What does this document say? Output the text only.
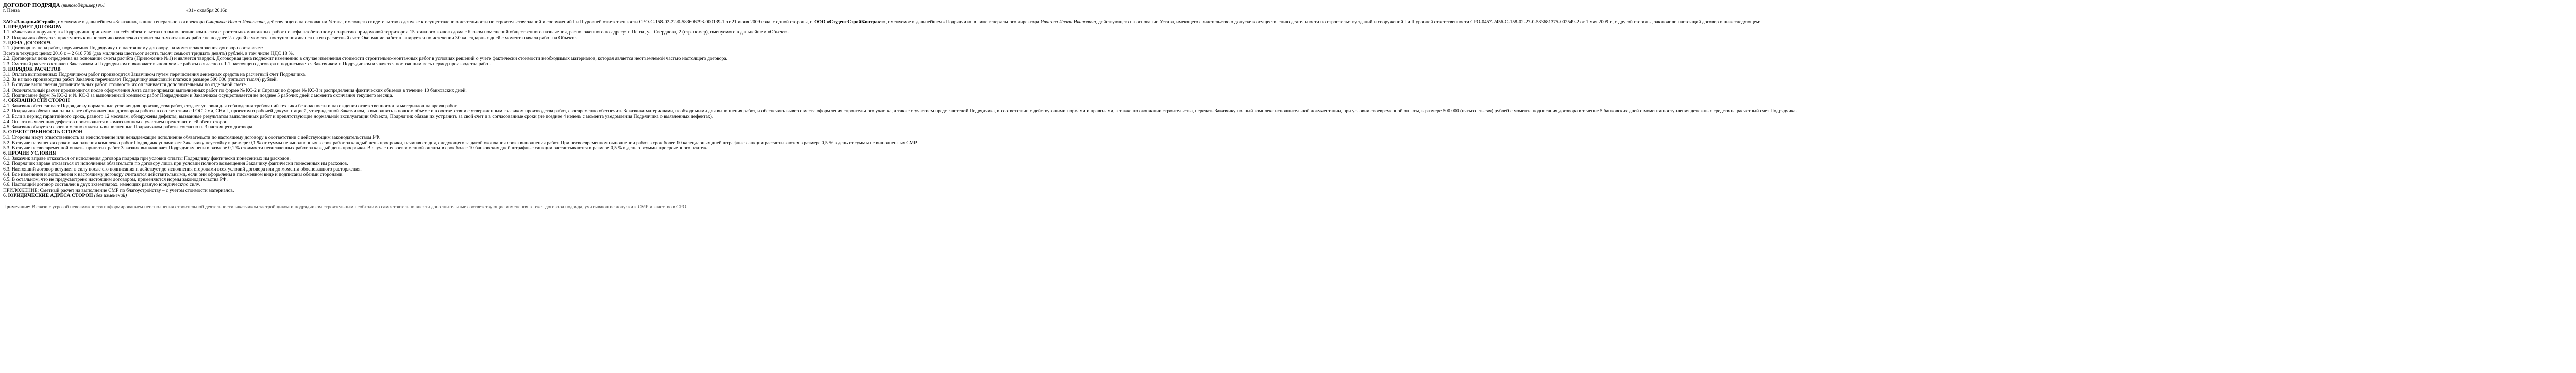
ДОГОВОР ПОДРЯДА (типовой/пример) №1
г. Пенза	«01» октября 2016г.
ЗАО «ЗападныйСтрой», именуемое в дальнейшем «Заказчик», в лице генерального директора Смирнова Ивана Ивановича, действующего на основании Устава, имеющего свидетельство о допуске к осуществлению деятельности по строительству зданий и сооружений I и II уровней ответственности СРО-С-158-02-22-0-583606793-000139-1 от 21 июня 2009 года, с одной стороны, и ООО «СтудентСтройКонтракт», именуемое в дальнейшем «Подрядчик», в лице генерального директора Иванова Ивана Ивановича, действующего на основании Устава, имеющего свидетельство о допуске к осуществлению деятельности по строительству зданий и сооружений I и II уровней ответственности СРО-0457-2456-С-158-02-27-0-583681375-002549-2 от 1 мая 2009 г., с другой стороны, заключили настоящий договор о нижеследующем:
1. ПРЕДМЕТ ДОГОВОРА
1.1. «Заказчик» поручает, а «Подрядчик» принимает на себя обязательства по выполнению комплекса строительно-монтажных работ по асфальтобетонному покрытию придомовой территории 15 этажного жилого дома с блоком помещений общественного назначения, расположенного по адресу: г. Пенза, ул. Свердлова, 2 (стр. номер), именуемого в дальнейшем «Объект».
1.2. Подрядчик обязуется приступить к выполнению комплекса строительно-монтажных работ не позднее 2-х дней с момента поступления аванса на его расчетный счет. Окончание работ планируется по истечении 30 календарных дней с момента начала работ на Объекте.
2. ЦЕНА ДОГОВОРА
2.1. Договорная цена работ, поручаемых Подрядчику по настоящему договору, на момент заключения договора составляет:
Всего в текущих ценах 2016 г. – 2 610 739 (два миллиона шестьсот десять тысяч семьсот тридцать девять) рублей, в том числе НДС 18 %.
2.2. Договорная цена определена на основании сметы расчёта (Приложение №1) и является твердой. Договорная цена подлежит изменению в случае изменения стоимости строительно-монтажных работ в условиях решений о учете фактически стоимости необходимых материалов, которая является неотъемлемой частью настоящего договора.
2.3. Сметный расчет составлен Заказчиком и Подрядчиком и включает выполняемые работы согласно п. 1.1 настоящего договора и подписывается Заказчиком и Подрядчиком и является постоянным весь период производства работ.
3. ПОРЯДОК РАСЧЕТОВ
3.1. Оплата выполненных Подрядчиком работ производится Заказчиком путем перечисления денежных средств на расчетный счет Подрядчика.
3.2. За начало производства работ Заказчик перечисляет Подрядчику авансовый платеж в размере 500 000 (пятьсот тысяч) рублей.
3.3. В случае выполнения дополнительных работ, стоимость их оплачивается дополнительным по отдельной смете.
3.4. Окончательный расчет производится после оформления Акта сдачи-приемки выполненных работ по форме № КС-2 и Справки по форме № КС-3 и распределения фактических объемов в течение 10 банковских дней.
3.5. Подписание форм № КС-2 и № КС-3 за выполненный комплекс работ Подрядчиком и Заказчиком осуществляется не позднее 5 рабочих дней с момента окончания текущего месяца.
4. ОБЯЗАННОСТИ СТОРОН
4.1. Заказчик обеспечивает Подрядчику нормальные условия для производства работ, создает условия для соблюдения требований техники безопасности и нахождения ответственного для материалов на время работ.
4.2. Подрядчик обязан выполнить все обусловленные договором работы в соответствии с ГОСТами, СНиП, проектом и рабочей документацией, утвержденной Заказчиком, в выполнить в полном объеме и в соответствии с утвержденным графиком производства работ, своевременно обеспечить Заказчика материалами, необходимыми для выполнения работ, и обеспечить вывоз с места оформления строительного участка, а также с участием представителей Подрядчика, в соответствии с действующими нормами и правилами, а также по окончании строительства, передать Заказчику полный комплект исполнительной документации, при условии своевременной оплаты, в размере 500 000 (пятьсот тысяч) рублей с момента подписания договора в течение 5 банковских дней с момента поступления денежных средств на расчетный счет Подрядчика.
4.3. Если в период гарантийного срока, равного 12 месяцам, обнаружены дефекты, вызванные результатом выполненных работ и препятствующие нормальной эксплуатации Объекта, Подрядчик обязан их устранить за свой счет и в согласованные сроки (не позднее 4 недель с момента уведомления Подрядчика о выявленных дефектах).
4.4. Оплата выявленных дефектов производится в комиссионном с участием представителей обеих сторон.
4.5. Заказчик обязуется своевременно оплатить выполненные Подрядчиком работы согласно п. 3 настоящего договора.
5. ОТВЕТСТВЕННОСТЬ СТОРОН
5.1. Стороны несут ответственность за неисполнение или ненадлежащее исполнение обязательств по настоящему договору в соответствии с действующим законодательством РФ.
5.2. В случае нарушения сроков выполнения комплекса работ Подрядчик уплачивает Заказчику неустойку в размере 0,1 % от суммы невыполненных в срок работ за каждый день просрочки, начиная со дня, следующего за датой окончания срока выполнения работ. При несвоевременном выполнении работ в срок более 10 календарных дней штрафные санкции рассчитываются в размере 0,5 % в день от суммы не выполненных СМР.
5.3. В случае несвоевременной оплаты принятых работ Заказчик выплачивает Подрядчику пени в размере 0,1 % стоимости неоплаченных работ за каждый день просрочки. В случае несвоевременной оплаты в срок более 10 банковских дней штрафные санкции рассчитываются в размере 0,5 % в день от суммы просроченного платежа.
6. ПРОЧИЕ УСЛОВИЯ
6.1. Заказчик вправе отказаться от исполнения договора подряда при условии оплаты Подрядчику фактически понесенных им расходов.
6.2. Подрядчик вправе отказаться от исполнения обязательств по договору лишь при условии полного возмещения Заказчику фактически понесенных им расходов.
6.3. Настоящий договор вступает в силу после его подписания и действует до исполнения сторонами всех условий договора или до момента обоснованного расторжения.
6.4. Все изменения и дополнения к настоящему договору считаются действительными, если они оформлены в письменном виде и подписаны обеими сторонами.
6.5. В остальном, что не предусмотрено настоящим договором, применяются нормы законодательства РФ.
6.6. Настоящий договор составлен в двух экземплярах, имеющих равную юридическую силу.
ПРИЛОЖЕНИЕ: Сметный расчет на выполнение СМР по благоустройству – с учетом стоимости материалов.
6. ЮРИДИЧЕСКИЕ АДРЕСА СТОРОН (без изменений)
Примечание: В связи с угрозой невозможности информированием неисполнения строительной деятельности заказчиком застройщиком и подрядчиком строительным необходимо самостоятельно внести дополнительные соответствующие изменения в текст договора подряда, учитывающие допуски к СМР и качество в СРО.
